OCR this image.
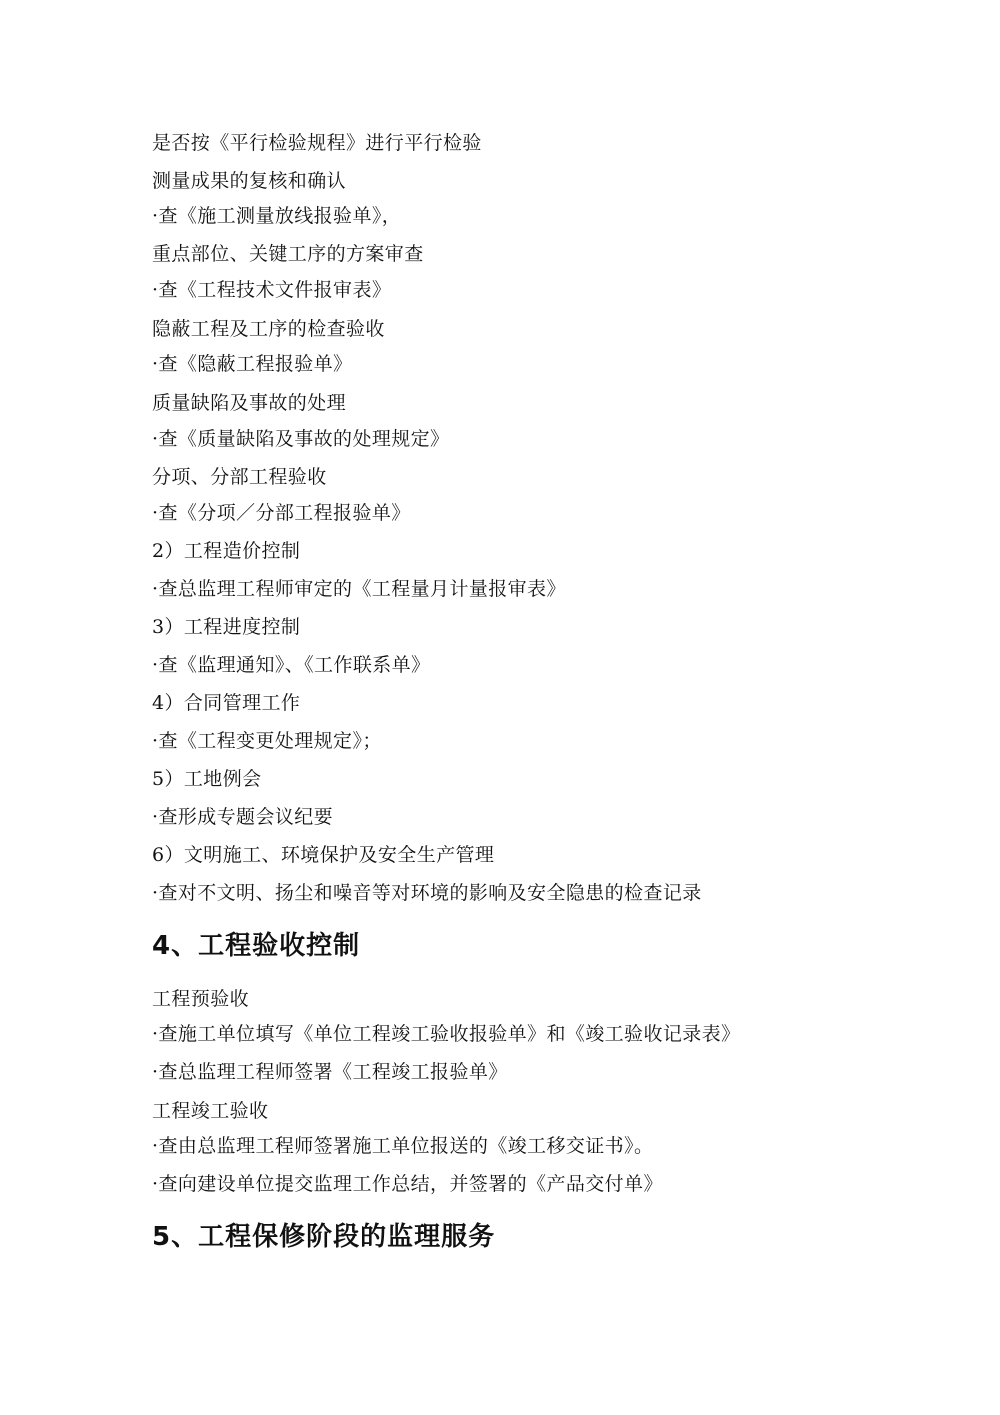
是否按《平行检验规程》进行平行检验
测量成果的复核和确认
·查《施工测量放线报验单》，
重点部位、关键工序的方案审查
·查《工程技术文件报审表》
隐蔽工程及工序的检查验收
·查《隐蔽工程报验单》
质量缺陷及事故的处理
·查《质量缺陷及事故的处理规定》
分项、分部工程验收
·查《分项／分部工程报验单》
2）工程造价控制
·查总监理工程师审定的《工程量月计量报审表》
3）工程进度控制
·查《监理通知》、《工作联系单》
4）合同管理工作
·查《工程变更处理规定》；
5）工地例会
·查形成专题会议纪要
6）文明施工、环境保护及安全生产管理
·查对不文明、扬尘和噪音等对环境的影响及安全隐患的检查记录
4、工程验收控制
工程预验收
·查施工单位填写《单位工程竣工验收报验单》和《竣工验收记录表》
·查总监理工程师签署《工程竣工报验单》
工程竣工验收
·查由总监理工程师签署施工单位报送的《竣工移交证书》。
·查向建设单位提交监理工作总结，并签署的《产品交付单》
5、工程保修阶段的监理服务
